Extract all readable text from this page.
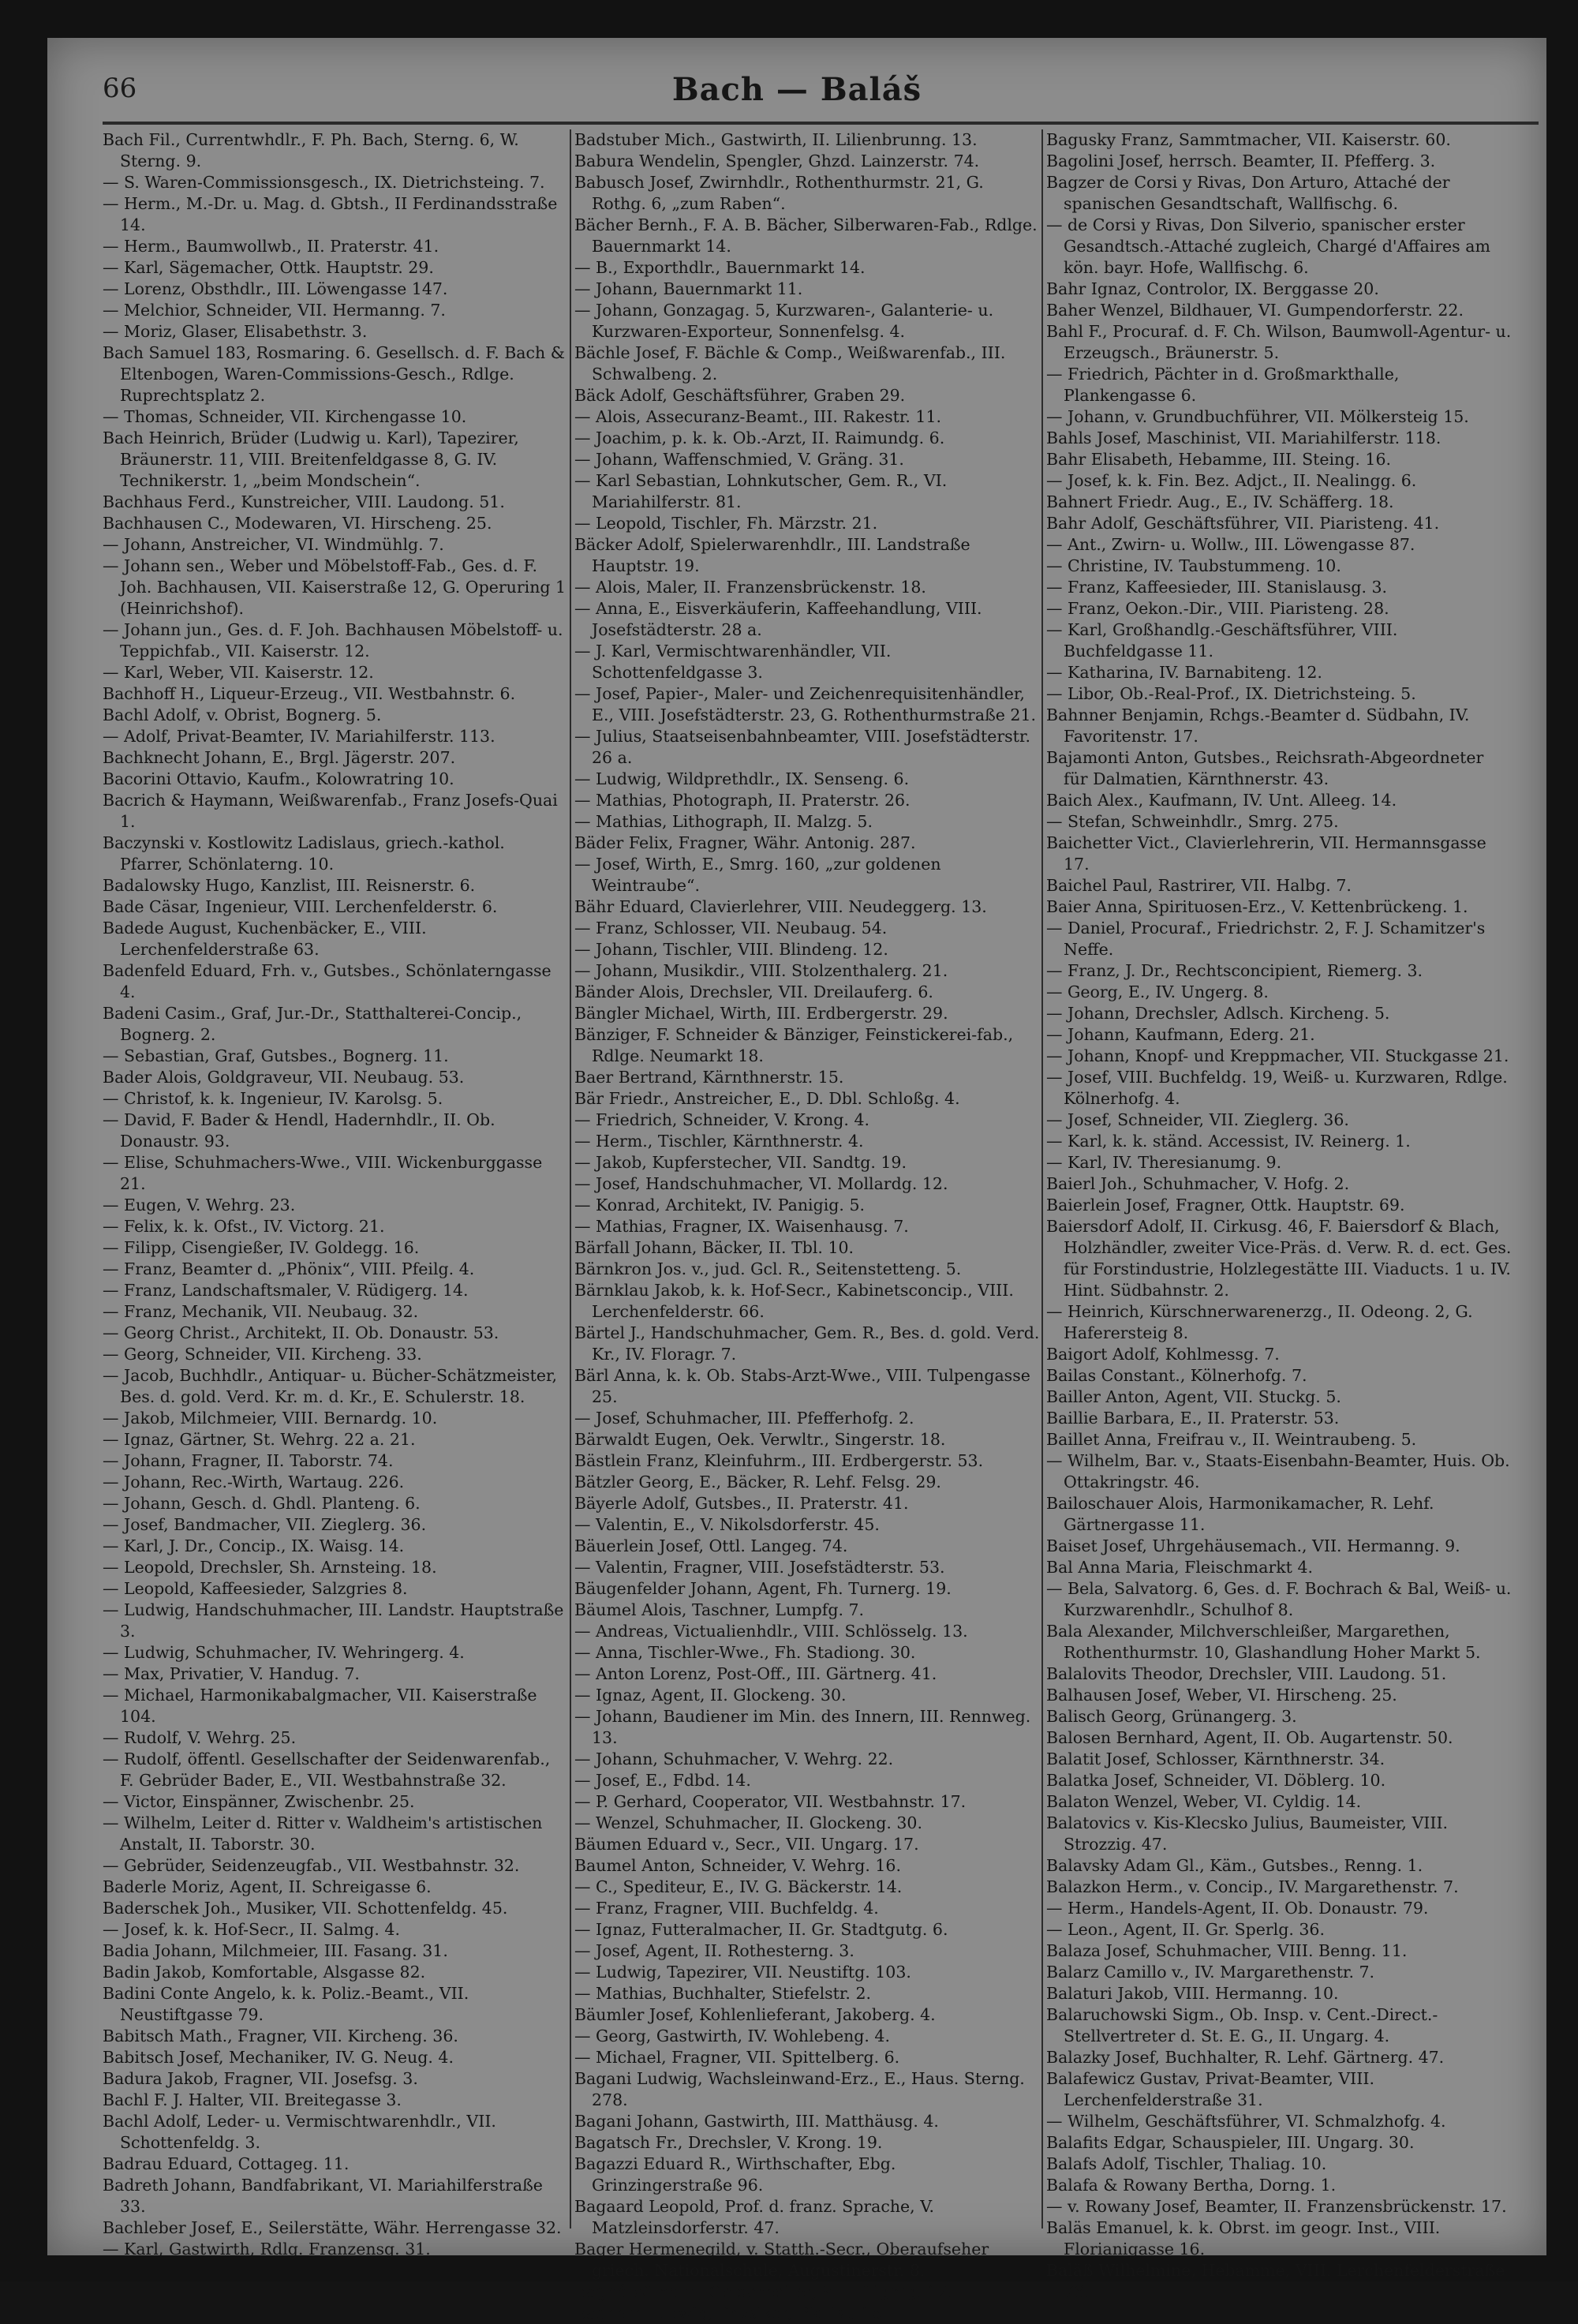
66	Bach — Baláš

Bach Fil., Currentwhdlr., F. Ph. Bach, Sterng. 6, W. Sterng. 9.

— S. Waren-Commissionsgesch., IX. Dietrichsteing. 7.

— Herm., M.-Dr. u. Mag. d. Gbtsh., II Ferdinandsstraße 14.

— Herm., Baumwollwb., II. Praterstr. 41.

— Karl, Sägemacher, Ottk. Hauptstr. 29.

— Lorenz, Obsthdlr., III. Löwengasse 147.

— Melchior, Schneider, VII. Hermanng. 7.

— Moriz, Glaser, Elisabethstr. 3.

Bach Samuel 183, Rosmaring. 6. Gesellsch. d. F. Bach & Eltenbogen, Waren-Commissions-Gesch., Rdlge. Ruprechtsplatz 2.

— Thomas, Schneider, VII. Kirchengasse 10.

Bach Heinrich, Brüder (Ludwig u. Karl), Tapezirer, Bräunerstr. 11, VIII. Breitenfeldgasse 8, G. IV. Technikerstr. 1, „beim Mondschein“.

Bachhaus Ferd., Kunstreicher, VIII. Laudong. 51.

Bachhausen C., Modewaren, VI. Hirscheng. 25.

— Johann, Anstreicher, VI. Windmühlg. 7.

— Johann sen., Weber und Möbelstoff-Fab., Ges. d. F. Joh. Bachhausen, VII. Kaiserstraße 12, G. Operuring 1 (Heinrichshof).

— Johann jun., Ges. d. F. Joh. Bachhausen Möbelstoff- u. Teppichfab., VII. Kaiserstr. 12.

— Karl, Weber, VII. Kaiserstr. 12.

Bachhoff H., Liqueur-Erzeug., VII. Westbahnstr. 6.

Bachl Adolf, v. Obrist, Bognerg. 5.

— Adolf, Privat-Beamter, IV. Mariahilferstr. 113.

Bachknecht Johann, E., Brgl. Jägerstr. 207.

Bacorini Ottavio, Kaufm., Kolowratring 10.

Bacrich & Haymann, Weißwarenfab., Franz Josefs-Quai 1.

Baczynski v. Kostlowitz Ladislaus, griech.-kathol. Pfarrer, Schönlaterng. 10.

Badalowsky Hugo, Kanzlist, III. Reisnerstr. 6.

Bade Cäsar, Ingenieur, VIII. Lerchenfelderstr. 6.

Badede August, Kuchenbäcker, E., VIII. Lerchenfelderstraße 63.

Badenfeld Eduard, Frh. v., Gutsbes., Schönlaterngasse 4.

Badeni Casim., Graf, Jur.-Dr., Statthalterei-Concip., Bognerg. 2.

— Sebastian, Graf, Gutsbes., Bognerg. 11.

Bader Alois, Goldgraveur, VII. Neubaug. 53.

— Christof, k. k. Ingenieur, IV. Karolsg. 5.

— David, F. Bader & Hendl, Hadernhdlr., II. Ob. Donaustr. 93.

— Elise, Schuhmachers-Wwe., VIII. Wickenburggasse 21.

— Eugen, V. Wehrg. 23.

— Felix, k. k. Ofst., IV. Victorg. 21.

— Filipp, Cisengießer, IV. Goldegg. 16.

— Franz, Beamter d. „Phönix“, VIII. Pfeilg. 4.

— Franz, Landschaftsmaler, V. Rüdigerg. 14.

— Franz, Mechanik, VII. Neubaug. 32.

— Georg Christ., Architekt, II. Ob. Donaustr. 53.

— Georg, Schneider, VII. Kircheng. 33.

— Jacob, Buchhdlr., Antiquar- u. Bücher-Schätzmeister, Bes. d. gold. Verd. Kr. m. d. Kr., E. Schulerstr. 18.

— Jakob, Milchmeier, VIII. Bernardg. 10.

— Ignaz, Gärtner, St. Wehrg. 22 a. 21.

— Johann, Fragner, II. Taborstr. 74.

— Johann, Rec.-Wirth, Wartaug. 226.

— Johann, Gesch. d. Ghdl. Planteng. 6.

— Josef, Bandmacher, VII. Zieglerg. 36.

— Karl, J. Dr., Concip., IX. Waisg. 14.

— Leopold, Drechsler, Sh. Arnsteing. 18.

— Leopold, Kaffeesieder, Salzgries 8.

— Ludwig, Handschuhmacher, III. Landstr. Hauptstraße 3.

— Ludwig, Schuhmacher, IV. Wehringerg. 4.

— Max, Privatier, V. Handug. 7.

— Michael, Harmonikabalgmacher, VII. Kaiserstraße 104.

— Rudolf, V. Wehrg. 25.

— Rudolf, öffentl. Gesellschafter der Seidenwarenfab., F. Gebrüder Bader, E., VII. Westbahnstraße 32.

— Victor, Einspänner, Zwischenbr. 25.

— Wilhelm, Leiter d. Ritter v. Waldheim's artistischen Anstalt, II. Taborstr. 30.

— Gebrüder, Seidenzeugfab., VII. Westbahnstr. 32.

Baderle Moriz, Agent, II. Schreigasse 6.

Baderschek Joh., Musiker, VII. Schottenfeldg. 45.

— Josef, k. k. Hof-Secr., II. Salmg. 4.

Badia Johann, Milchmeier, III. Fasang. 31.

Badin Jakob, Komfortable, Alsgasse 82.

Badini Conte Angelo, k. k. Poliz.-Beamt., VII. Neustiftgasse 79.

Babitsch Math., Fragner, VII. Kircheng. 36.

Babitsch Josef, Mechaniker, IV. G. Neug. 4.

Badura Jakob, Fragner, VII. Josefsg. 3.

Bachl F. J. Halter, VII. Breitegasse 3.

Bachl Adolf, Leder- u. Vermischtwarenhdlr., VII. Schottenfeldg. 3.

Badrau Eduard, Cottageg. 11.

Badreth Johann, Bandfabrikant, VI. Mariahilferstraße 33.

Bachleber Josef, E., Seilerstätte, Währ. Herrengasse 32.

— Karl, Gastwirth, Rdlg. Franzensg. 31.

Badstuber Mich., Gastwirth, II. Lilienbrunng. 13.

Babura Wendelin, Spengler, Ghzd. Lainzerstr. 74.

Babusch Josef, Zwirnhdlr., Rothenthurmstr. 21, G. Rothg. 6, „zum Raben“.

Bächer Bernh., F. A. B. Bächer, Silberwaren-Fab., Rdlge. Bauernmarkt 14.

— B., Exporthdlr., Bauernmarkt 14.

— Johann, Bauernmarkt 11.

— Johann, Gonzagag. 5, Kurzwaren-, Galanterie- u. Kurzwaren-Exporteur, Sonnenfelsg. 4.

Bächle Josef, F. Bächle & Comp., Weißwarenfab., III. Schwalbeng. 2.

Bäck Adolf, Geschäftsführer, Graben 29.

— Alois, Assecuranz-Beamt., III. Rakestr. 11.

— Joachim, p. k. k. Ob.-Arzt, II. Raimundg. 6.

— Johann, Waffenschmied, V. Gräng. 31.

— Karl Sebastian, Lohnkutscher, Gem. R., VI. Mariahilferstr. 81.

— Leopold, Tischler, Fh. Märzstr. 21.

Bäcker Adolf, Spielerwarenhdlr., III. Landstraße Hauptstr. 19.

— Alois, Maler, II. Franzensbrückenstr. 18.

— Anna, E., Eisverkäuferin, Kaffeehandlung, VIII. Josefstädterstr. 28 a.

— J. Karl, Vermischtwarenhändler, VII. Schottenfeldgasse 3.

— Josef, Papier-, Maler- und Zeichenrequisitenhändler, E., VIII. Josefstädterstr. 23, G. Rothenthurmstraße 21.

— Julius, Staatseisenbahnbeamter, VIII. Josefstädterstr. 26 a.

— Ludwig, Wildprethdlr., IX. Senseng. 6.

— Mathias, Photograph, II. Praterstr. 26.

— Mathias, Lithograph, II. Malzg. 5.

Bäder Felix, Fragner, Währ. Antonig. 287.

— Josef, Wirth, E., Smrg. 160, „zur goldenen Weintraube“.

Bähr Eduard, Clavierlehrer, VIII. Neudeggerg. 13.

— Franz, Schlosser, VII. Neubaug. 54.

— Johann, Tischler, VIII. Blindeng. 12.

— Johann, Musikdir., VIII. Stolzenthalerg. 21.

Bänder Alois, Drechsler, VII. Dreilauferg. 6.

Bängler Michael, Wirth, III. Erdbergerstr. 29.

Bänziger, F. Schneider & Bänziger, Feinstickerei-fab., Rdlge. Neumarkt 18.

Baer Bertrand, Kärnthnerstr. 15.

Bär Friedr., Anstreicher, E., D. Dbl. Schloßg. 4.

— Friedrich, Schneider, V. Krong. 4.

— Herm., Tischler, Kärnthnerstr. 4.

— Jakob, Kupferstecher, VII. Sandtg. 19.

— Josef, Handschuhmacher, VI. Mollardg. 12.

— Konrad, Architekt, IV. Panigig. 5.

— Mathias, Fragner, IX. Waisenhausg. 7.

Bärfall Johann, Bäcker, II. Tbl. 10.

Bärnkron Jos. v., jud. Gcl. R., Seitenstetteng. 5.

Bärnklau Jakob, k. k. Hof-Secr., Kabinetsconcip., VIII. Lerchenfelderstr. 66.

Bärtel J., Handschuhmacher, Gem. R., Bes. d. gold. Verd. Kr., IV. Floragr. 7.

Bärl Anna, k. k. Ob. Stabs-Arzt-Wwe., VIII. Tulpengasse 25.

— Josef, Schuhmacher, III. Pfefferhofg. 2.

Bärwaldt Eugen, Oek. Verwltr., Singerstr. 18.

Bästlein Franz, Kleinfuhrm., III. Erdbergerstr. 53.

Bätzler Georg, E., Bäcker, R. Lehf. Felsg. 29.

Bäyerle Adolf, Gutsbes., II. Praterstr. 41.

— Valentin, E., V. Nikolsdorferstr. 45.

Bäuerlein Josef, Ottl. Langeg. 74.

— Valentin, Fragner, VIII. Josefstädterstr. 53.

Bäugenfelder Johann, Agent, Fh. Turnerg. 19.

Bäumel Alois, Taschner, Lumpfg. 7.

— Andreas, Victualienhdlr., VIII. Schlösselg. 13.

— Anna, Tischler-Wwe., Fh. Stadiong. 30.

— Anton Lorenz, Post-Off., III. Gärtnerg. 41.

— Ignaz, Agent, II. Glockeng. 30.

— Johann, Baudiener im Min. des Innern, III. Rennweg. 13.

— Johann, Schuhmacher, V. Wehrg. 22.

— Josef, E., Fdbd. 14.

— P. Gerhard, Cooperator, VII. Westbahnstr. 17.

— Wenzel, Schuhmacher, II. Glockeng. 30.

Bäumen Eduard v., Secr., VII. Ungarg. 17.

Baumel Anton, Schneider, V. Wehrg. 16.

— C., Spediteur, E., IV. G. Bäckerstr. 14.

— Franz, Fragner, VIII. Buchfeldg. 4.

— Ignaz, Futteralmacher, II. Gr. Stadtgutg. 6.

— Josef, Agent, II. Rothesterng. 3.

— Ludwig, Tapezirer, VII. Neustiftg. 103.

— Mathias, Buchhalter, Stiefelstr. 2.

Bäumler Josef, Kohlenlieferant, Jakoberg. 4.

— Georg, Gastwirth, IV. Wohlebeng. 4.

— Michael, Fragner, VII. Spittelberg. 6.

Bagani Ludwig, Wachsleinwand-Erz., E., Haus. Sterng. 278.

Bagani Johann, Gastwirth, III. Matthäusg. 4.

Bagatsch Fr., Drechsler, V. Krong. 19.

Bagazzi Eduard R., Wirthschafter, Ebg. Grinzingerstraße 96.

Bagaard Leopold, Prof. d. franz. Sprache, V. Matzleinsdorferstr. 47.

Bager Hermenegild, v. Statth.-Secr., Oberaufseher griech. Nationalschule, Augustinerstr. 8.

Baghé Wilhelm, Goldarbeiter, VIII. Tigerg. 12.

Bagherr Ludwig, Physiker, Piarist. 15.

Bagusky Franz, Sammtmacher, VII. Kaiserstr. 60.

Bagolini Josef, herrsch. Beamter, II. Pfefferg. 3.

Bagzer de Corsi y Rivas, Don Arturo, Attaché der spanischen Gesandtschaft, Wallfischg. 6.

— de Corsi y Rivas, Don Silverio, spanischer erster Gesandtsch.-Attaché zugleich, Chargé d'Affaires am kön. bayr. Hofe, Wallfischg. 6.

Bahr Ignaz, Controlor, IX. Berggasse 20.

Baher Wenzel, Bildhauer, VI. Gumpendorferstr. 22.

Bahl F., Procuraf. d. F. Ch. Wilson, Baumwoll-Agentur- u. Erzeugsch., Bräunerstr. 5.

— Friedrich, Pächter in d. Großmarkthalle, Plankengasse 6.

— Johann, v. Grundbuchführer, VII. Mölkersteig 15.

Bahls Josef, Maschinist, VII. Mariahilferstr. 118.

Bahr Elisabeth, Hebamme, III. Steing. 16.

— Josef, k. k. Fin. Bez. Adjct., II. Nealingg. 6.

Bahnert Friedr. Aug., E., IV. Schäfferg. 18.

Bahr Adolf, Geschäftsführer, VII. Piaristeng. 41.

— Ant., Zwirn- u. Wollw., III. Löwengasse 87.

— Christine, IV. Taubstummeng. 10.

— Franz, Kaffeesieder, III. Stanislausg. 3.

— Franz, Oekon.-Dir., VIII. Piaristeng. 28.

— Karl, Großhandlg.-Geschäftsführer, VIII. Buchfeldgasse 11.

— Katharina, IV. Barnabiteng. 12.

— Libor, Ob.-Real-Prof., IX. Dietrichsteing. 5.

Bahnner Benjamin, Rchgs.-Beamter d. Südbahn, IV. Favoritenstr. 17.

Bajamonti Anton, Gutsbes., Reichsrath-Abgeordneter für Dalmatien, Kärnthnerstr. 43.

Baich Alex., Kaufmann, IV. Unt. Alleeg. 14.

— Stefan, Schweinhdlr., Smrg. 275.

Baichetter Vict., Clavierlehrerin, VII. Hermannsgasse 17.

Baichel Paul, Rastrirer, VII. Halbg. 7.

Baier Anna, Spirituosen-Erz., V. Kettenbrückeng. 1.

— Daniel, Procuraf., Friedrichstr. 2, F. J. Schamitzer's Neffe.

— Franz, J. Dr., Rechtsconcipient, Riemerg. 3.

— Georg, E., IV. Ungerg. 8.

— Johann, Drechsler, Adlsch. Kircheng. 5.

— Johann, Kaufmann, Ederg. 21.

— Johann, Knopf- und Kreppmacher, VII. Stuckgasse 21.

— Josef, VIII. Buchfeldg. 19, Weiß- u. Kurzwaren, Rdlge. Kölnerhofg. 4.

— Josef, Schneider, VII. Zieglerg. 36.

— Karl, k. k. ständ. Accessist, IV. Reinerg. 1.

— Karl, IV. Theresianumg. 9.

Baierl Joh., Schuhmacher, V. Hofg. 2.

Baierlein Josef, Fragner, Ottk. Hauptstr. 69.

Baiersdorf Adolf, II. Cirkusg. 46, F. Baiersdorf & Blach, Holzhändler, zweiter Vice-Präs. d. Verw. R. d. ect. Ges. für Forstindustrie, Holzlegestätte III. Viaducts. 1 u. IV. Hint. Südbahnstr. 2.

— Heinrich, Kürschnerwarenerzg., II. Odeong. 2, G. Haferersteig 8.

Baigort Adolf, Kohlmessg. 7.

Bailas Constant., Kölnerhofg. 7.

Bailler Anton, Agent, VII. Stuckg. 5.

Baillie Barbara, E., II. Praterstr. 53.

Baillet Anna, Freifrau v., II. Weintraubeng. 5.

— Wilhelm, Bar. v., Staats-Eisenbahn-Beamter, Huis. Ob. Ottakringstr. 46.

Bailoschauer Alois, Harmonikamacher, R. Lehf. Gärtnergasse 11.

Baiset Josef, Uhrgehäusemach., VII. Hermanng. 9.

Bal Anna Maria, Fleischmarkt 4.

— Bela, Salvatorg. 6, Ges. d. F. Bochrach & Bal, Weiß- u. Kurzwarenhdlr., Schulhof 8.

Bala Alexander, Milchverschleißer, Margarethen, Rothenthurmstr. 10, Glashandlung Hoher Markt 5.

Balalovits Theodor, Drechsler, VIII. Laudong. 51.

Balhausen Josef, Weber, VI. Hirscheng. 25.

Balisch Georg, Grünangerg. 3.

Balosen Bernhard, Agent, II. Ob. Augartenstr. 50.

Balatit Josef, Schlosser, Kärnthnerstr. 34.

Balatka Josef, Schneider, VI. Döblerg. 10.

Balaton Wenzel, Weber, VI. Cyldig. 14.

Balatovics v. Kis-Klecsko Julius, Baumeister, VIII. Strozzig. 47.

Balavsky Adam Gl., Käm., Gutsbes., Renng. 1.

Balazkon Herm., v. Concip., IV. Margarethenstr. 7.

— Herm., Handels-Agent, II. Ob. Donaustr. 79.

— Leon., Agent, II. Gr. Sperlg. 36.

Balaza Josef, Schuhmacher, VIII. Benng. 11.

Balarz Camillo v., IV. Margarethenstr. 7.

Balaturi Jakob, VIII. Hermanng. 10.

Balaruchowski Sigm., Ob. Insp. v. Cent.-Direct.-Stellvertreter d. St. E. G., II. Ungarg. 4.

Balazky Josef, Buchhalter, R. Lehf. Gärtnerg. 47.

Balafewicz Gustav, Privat-Beamter, VIII. Lerchenfelderstraße 31.

— Wilhelm, Geschäftsführer, VI. Schmalzhofg. 4.

Balafits Edgar, Schauspieler, III. Ungarg. 30.

Balafs Adolf, Tischler, Thaliag. 10.

Balafa & Rowany Bertha, Dorng. 1.

— v. Rowany Josef, Beamter, II. Franzensbrückenstr. 17.

Baläs Emanuel, k. k. Obrst. im geogr. Inst., VIII. Florianigasse 16.

Baläß Wilhelmine, Hebamme, VIII. Lerchenfelderstraße 76.
